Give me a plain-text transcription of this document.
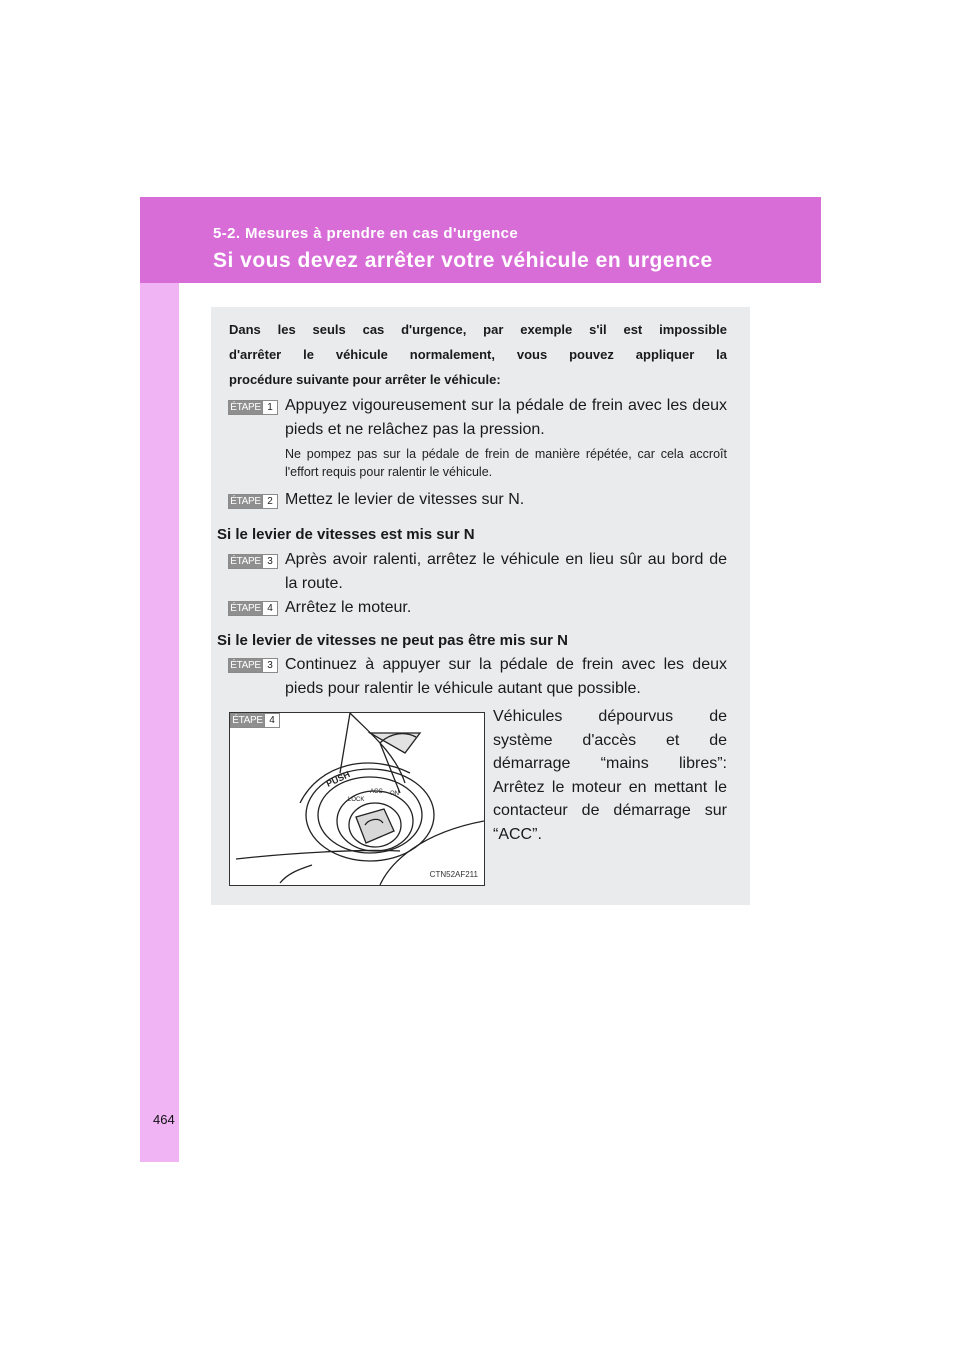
5-2. Mesures à prendre en cas d'urgence
Si vous devez arrêter votre véhicule en urgence
Dans les seuls cas d'urgence, par exemple s'il est impossible
d'arrêter le véhicule normalement, vous pouvez appliquer la
procédure suivante pour arrêter le véhicule:
ÉTAPE 1 Appuyez vigoureusement sur la pédale de frein avec les deux pieds et ne relâchez pas la pression.
Ne pompez pas sur la pédale de frein de manière répétée, car cela accroît l'effort requis pour ralentir le véhicule.
ÉTAPE 2 Mettez le levier de vitesses sur N.
Si le levier de vitesses est mis sur N
ÉTAPE 3 Après avoir ralenti, arrêtez le véhicule en lieu sûr au bord de la route.
ÉTAPE 4 Arrêtez le moteur.
Si le levier de vitesses ne peut pas être mis sur N
ÉTAPE 3 Continuez à appuyer sur la pédale de frein avec les deux pieds pour ralentir le véhicule autant que possible.
ÉTAPE 4
PUSH
LOCK
ACC ON
CTN52AF211
Véhicules dépourvus de système d'accès et de démarrage “mains libres”: Arrêtez le moteur en mettant le contacteur de démarrage sur “ACC”.
464
